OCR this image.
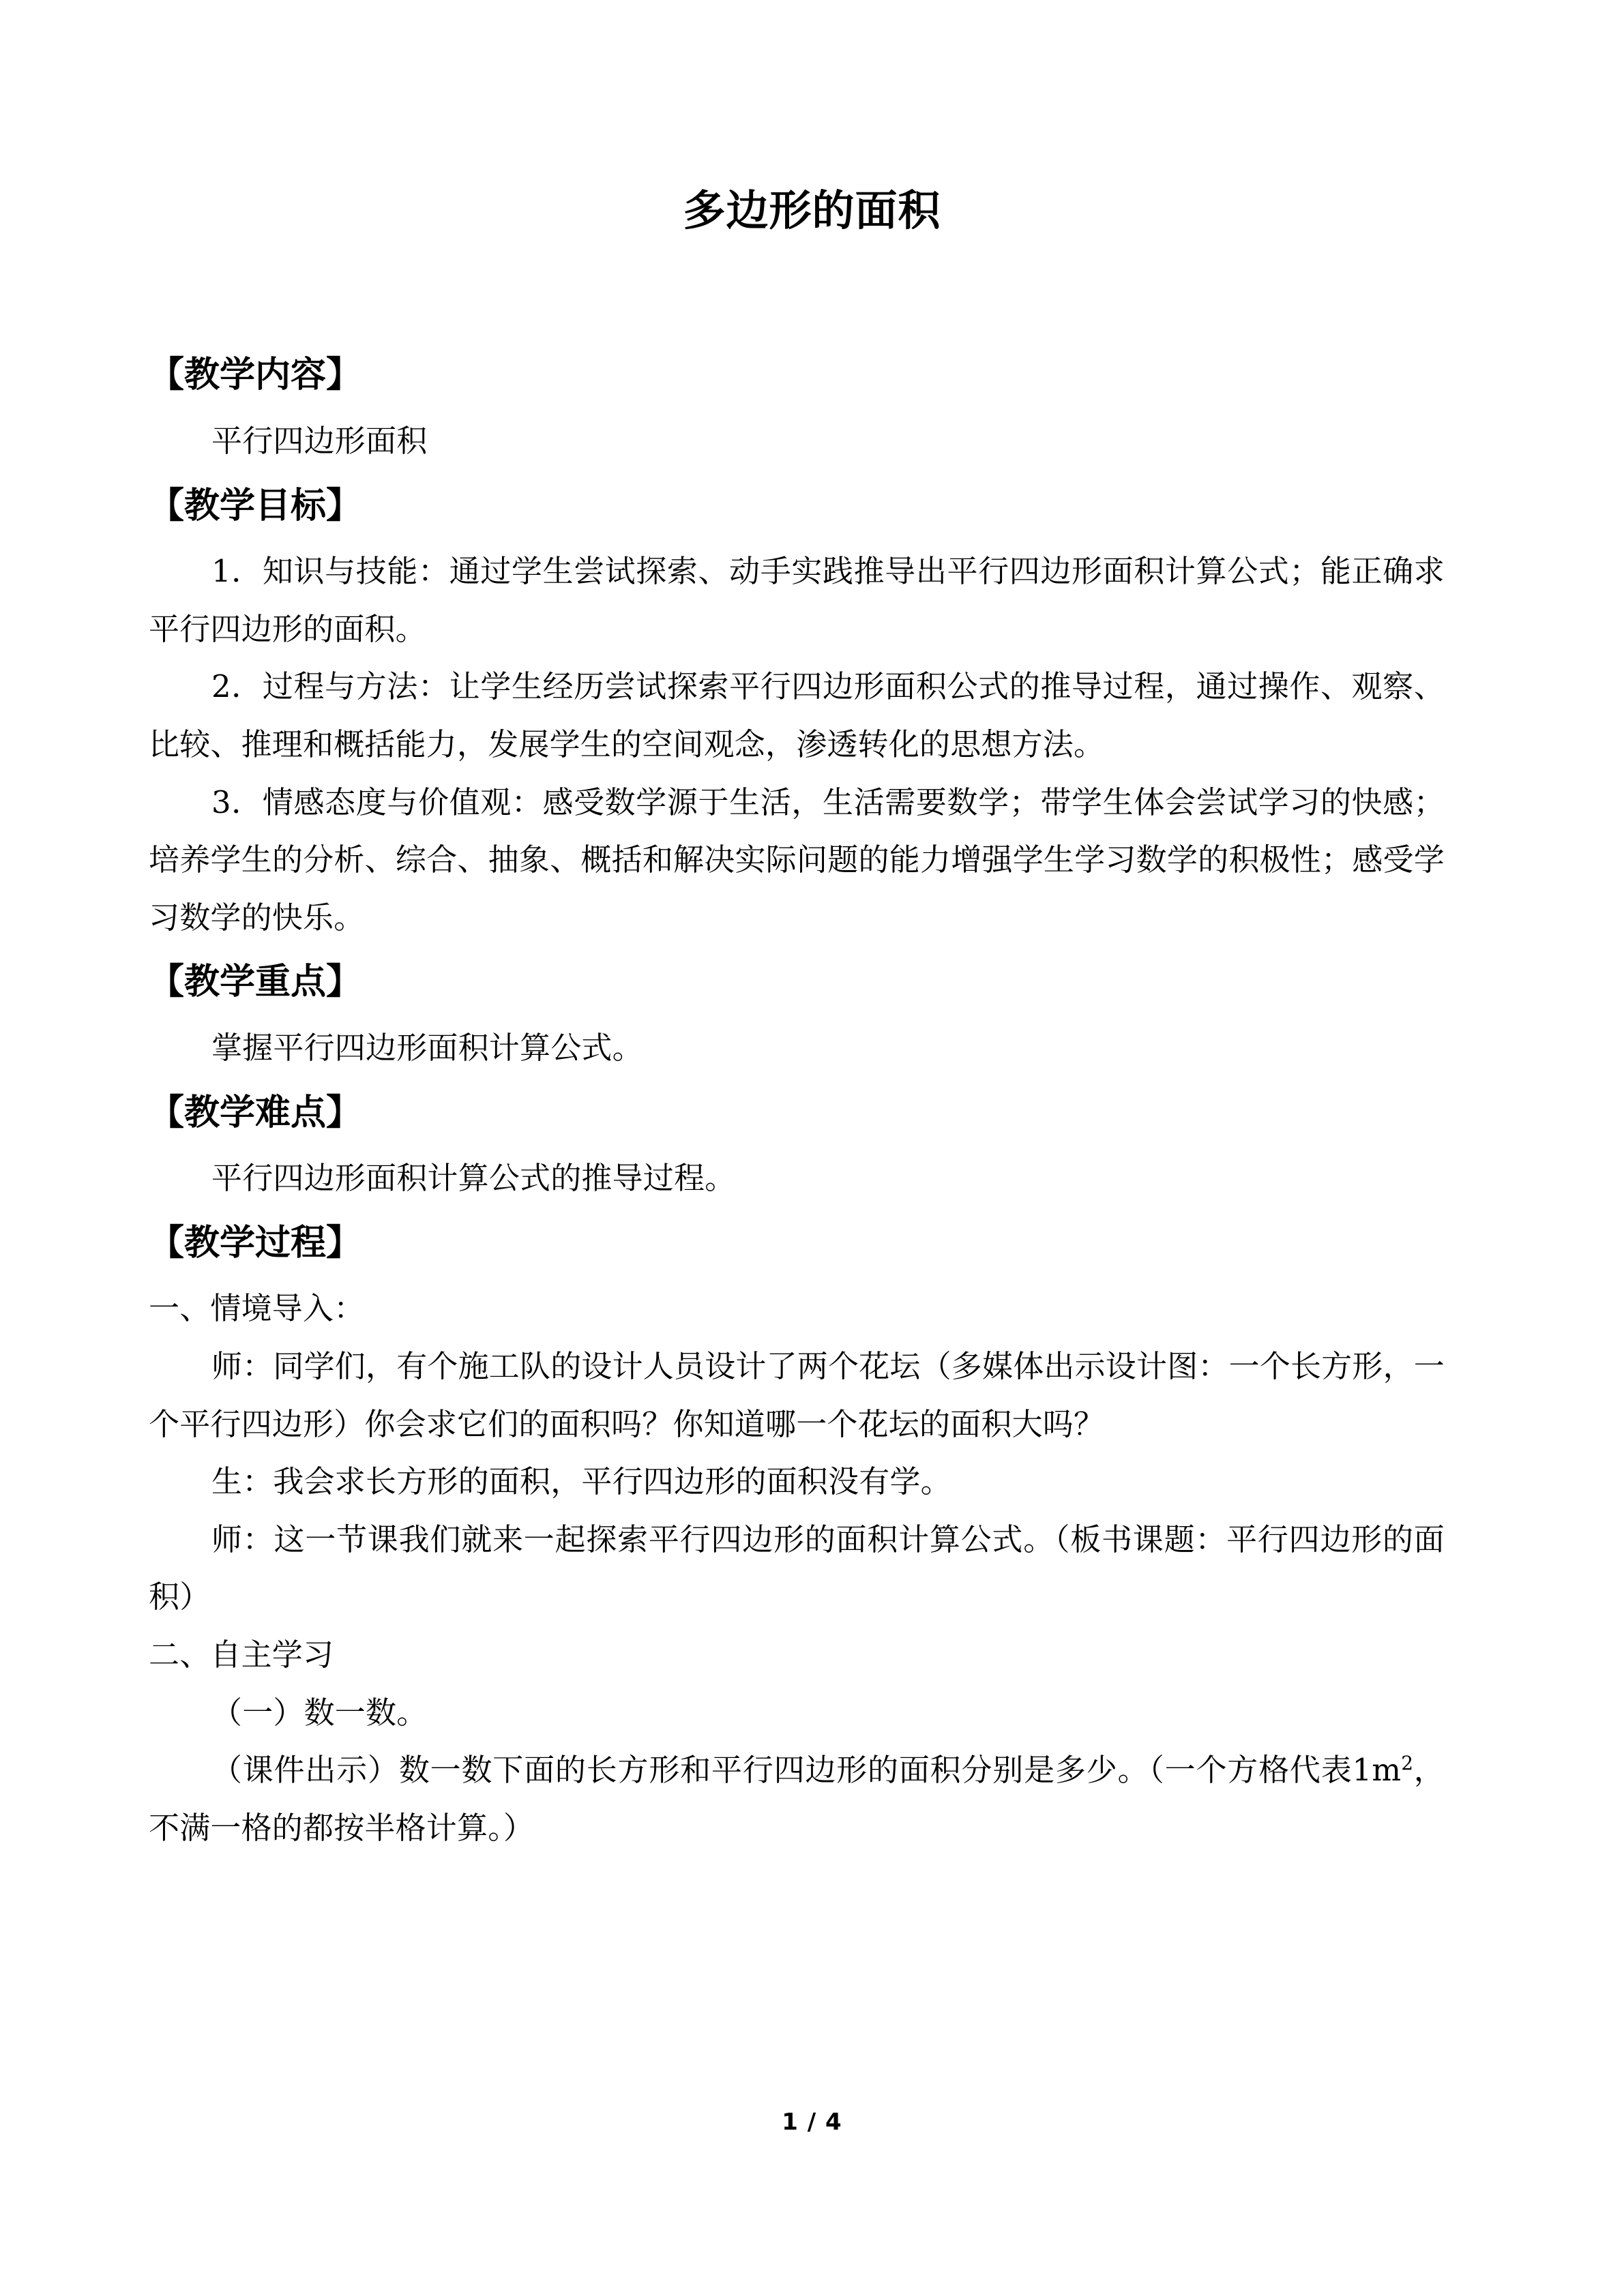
多边形的面积
【教学内容】

平行四边形面积

【教学目标】

1．知识与技能：通过学生尝试探索、动手实践推导出平行四边形面积计算公式；能正确求平行四边形的面积。

2．过程与方法：让学生经历尝试探索平行四边形面积公式的推导过程，通过操作、观察、比较、推理和概括能力，发展学生的空间观念，渗透转化的思想方法。

3．情感态度与价值观：感受数学源于生活，生活需要数学；带学生体会尝试学习的快感；培养学生的分析、综合、抽象、概括和解决实际问题的能力增强学生学习数学的积极性；感受学习数学的快乐。

【教学重点】

掌握平行四边形面积计算公式。

【教学难点】

平行四边形面积计算公式的推导过程。

【教学过程】

一、情境导入：

师：同学们，有个施工队的设计人员设计了两个花坛（多媒体出示设计图：一个长方形，一个平行四边形）你会求它们的面积吗？你知道哪一个花坛的面积大吗？

生：我会求长方形的面积，平行四边形的面积没有学。

师：这一节课我们就来一起探索平行四边形的面积计算公式。（板书课题：平行四边形的面积）

二、自主学习

（一）数一数。

（课件出示）数一数下面的长方形和平行四边形的面积分别是多少。（一个方格代表$1m^2$，不满一格的都按半格计算。）

1 / 4
